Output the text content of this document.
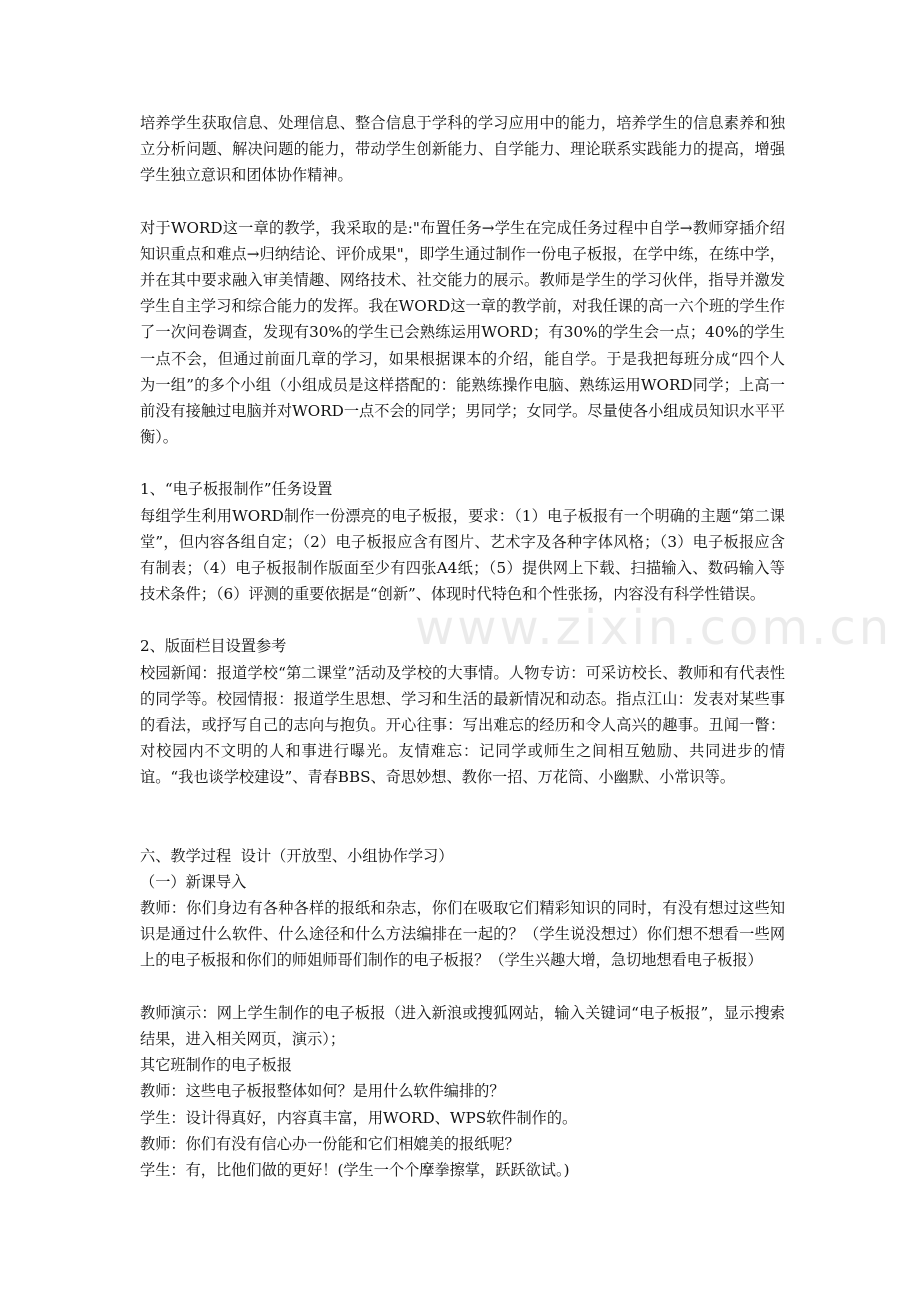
www.zixin.com.cn

培养学生获取信息、处理信息、整合信息于学科的学习应用中的能力，培养学生的信息素养和独立分析问题、解决问题的能力，带动学生创新能力、自学能力、理论联系实践能力的提高，增强学生独立意识和团体协作精神。

对于WORD这一章的教学，我采取的是:"布置任务→学生在完成任务过程中自学→教师穿插介绍知识重点和难点→归纳结论、评价成果"，即学生通过制作一份电子板报，在学中练，在练中学，并在其中要求融入审美情趣、网络技术、社交能力的展示。教师是学生的学习伙伴，指导并激发学生自主学习和综合能力的发挥。我在WORD这一章的教学前，对我任课的高一六个班的学生作了一次问卷调查，发现有30%的学生已会熟练运用WORD；有30%的学生会一点；40%的学生一点不会，但通过前面几章的学习，如果根据课本的介绍，能自学。于是我把每班分成“四个人为一组”的多个小组（小组成员是这样搭配的：能熟练操作电脑、熟练运用WORD同学；上高一前没有接触过电脑并对WORD一点不会的同学；男同学；女同学。尽量使各小组成员知识水平平衡）。

1、“电子板报制作”任务设置

每组学生利用WORD制作一份漂亮的电子板报，要求：（1）电子板报有一个明确的主题“第二课堂”，但内容各组自定；（2）电子板报应含有图片、艺术字及各种字体风格；（3）电子板报应含有制表；（4）电子板报制作版面至少有四张A4纸；（5）提供网上下载、扫描输入、数码输入等技术条件；（6）评测的重要依据是“创新”、体现时代特色和个性张扬，内容没有科学性错误。

2、版面栏目设置参考

校园新闻：报道学校“第二课堂”活动及学校的大事情。人物专访：可采访校长、教师和有代表性的同学等。校园情报：报道学生思想、学习和生活的最新情况和动态。指点江山：发表对某些事的看法，或抒写自己的志向与抱负。开心往事：写出难忘的经历和令人高兴的趣事。丑闻一瞥：对校园内不文明的人和事进行曝光。友情难忘：记同学或师生之间相互勉励、共同进步的情谊。“我也谈学校建设”、青春BBS、奇思妙想、教你一招、万花筒、小幽默、小常识等。

六、教学过程  设计（开放型、小组协作学习）

（一）新课导入

教师：你们身边有各种各样的报纸和杂志，你们在吸取它们精彩知识的同时，有没有想过这些知识是通过什么软件、什么途径和什么方法编排在一起的？（学生说没想过）你们想不想看一些网上的电子板报和你们的师姐师哥们制作的电子板报？（学生兴趣大增，急切地想看电子板报）

教师演示：网上学生制作的电子板报（进入新浪或搜狐网站，输入关键词“电子板报”，显示搜索结果，进入相关网页，演示）；

其它班制作的电子板报

教师：这些电子板报整体如何？是用什么软件编排的？

学生：设计得真好，内容真丰富，用WORD、WPS软件制作的。

教师：你们有没有信心办一份能和它们相媲美的报纸呢？

学生：有，比他们做的更好！(学生一个个摩拳擦掌，跃跃欲试。)
